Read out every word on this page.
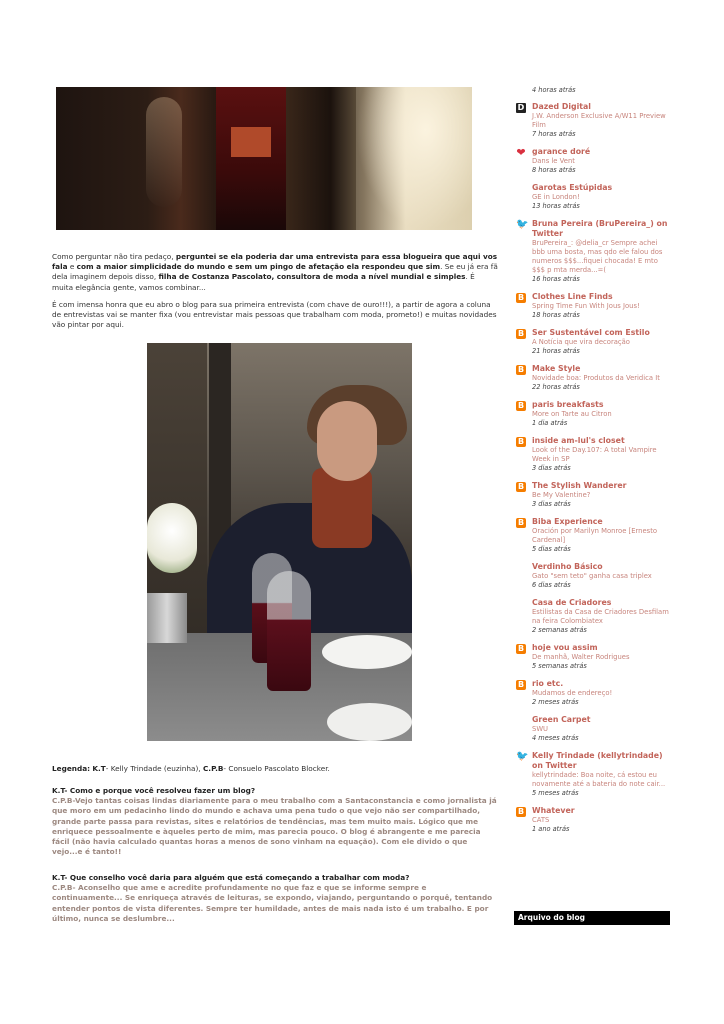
Como perguntar não tira pedaço, perguntei se ela poderia dar uma entrevista para essa blogueira que aqui vos fala e com a maior simplicidade do mundo e sem um pingo de afetação ela respondeu que sim. Se eu já era fã dela imaginem depois disso, filha de Costanza Pascolato, consultora de moda a nível mundial e simples. É muita elegância gente, vamos combinar...

É com imensa honra que eu abro o blog para sua primeira entrevista (com chave de ouro!!!), a partir de agora a coluna de entrevistas vai se manter fixa (vou entrevistar mais pessoas que trabalham com moda, prometo!) e muitas novidades vão pintar por aqui.

Legenda: K.T- Kelly Trindade (euzinha), C.P.B- Consuelo Pascolato Blocker.

K.T- Como e porque você resolveu fazer um blog?
C.P.B-Vejo tantas coisas lindas diariamente para o meu trabalho com a Santaconstancia e como jornalista já que moro em um pedacinho lindo do mundo e achava uma pena tudo o que vejo não ser compartilhado, grande parte passa para revistas, sites e relatórios de tendências, mas tem muito mais. Lógico que me enriquece pessoalmente e àqueles perto de mim, mas parecia pouco. O blog é abrangente e me parecia fácil (não havia calculado quantas horas a menos de sono vinham na equação). Com ele divido o que vejo...e é tanto!!
K.T- Que conselho você daria para alguém que está começando a trabalhar com moda?
C.P.B- Aconselho que ame e acredite profundamente no que faz e que se informe sempre e continuamente... Se enriqueça através de leituras, se expondo, viajando, perguntando o porquê, tentando entender pontos de vista diferentes. Sempre ter humildade, antes de mais nada isto é um trabalho. E por último, nunca se deslumbre...
4 horas atrás
D Dazed Digital
J.W. Anderson Exclusive A/W11 Preview Film
7 horas atrás
❤ garance doré
Dans le Vent
8 horas atrás
Garotas Estúpidas
GE in London!
13 horas atrás
🐦 Bruna Pereira (BruPereira_) on Twitter
BruPereira_: @delia_cr Sempre achei bbb uma bosta, mas qdo ele falou dos numeros $$$...fiquei chocada! E mto $$$ p mta merda...=(
16 horas atrás
B Clothes Line Finds
Spring Time Fun With Jous Jous!
18 horas atrás
B Ser Sustentável com Estilo
A Notícia que vira decoração
21 horas atrás
B Make Style
Novidade boa: Produtos da Veridica It
22 horas atrás
B paris breakfasts
More on Tarte au Citron
1 dia atrás
B inside am-lul's closet
Look of the Day.107: A total Vampire Week in SP
3 dias atrás
B The Stylish Wanderer
Be My Valentine?
3 dias atrás
B Biba Experience
Oración por Marilyn Monroe [Ernesto Cardenal]
5 dias atrás
Verdinho Básico
Gato "sem teto" ganha casa triplex
6 dias atrás
Casa de Criadores
Estilistas da Casa de Criadores Desfilam na feira Colombiatex
2 semanas atrás
B hoje vou assim
De manhã, Walter Rodrigues
5 semanas atrás
B rio etc.
Mudamos de endereço!
2 meses atrás
Green Carpet
SWU
4 meses atrás
🐦 Kelly Trindade (kellytrindade) on Twitter
kellytrindade: Boa noite, cá estou eu novamente até a bateria do note cair...
5 meses atrás
B Whatever
CATS
1 ano atrás
Arquivo do blog
